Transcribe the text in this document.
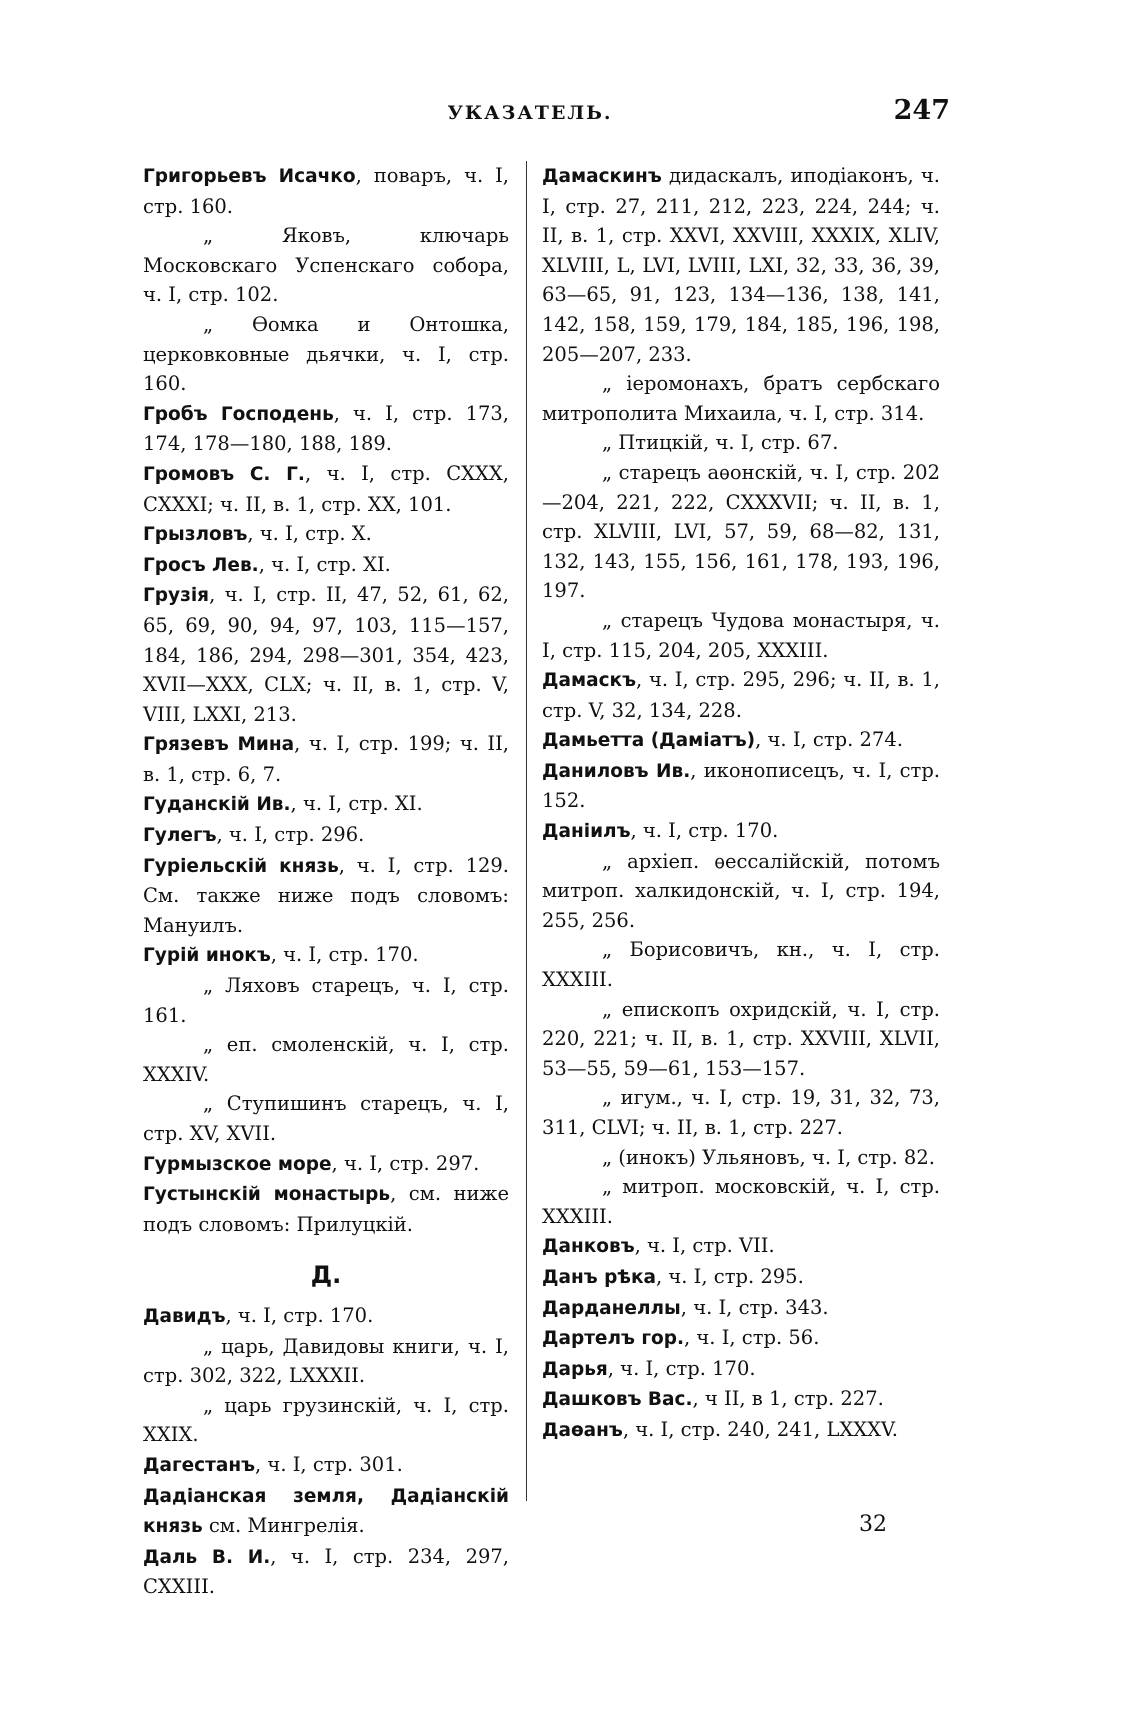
УКАЗАТЕЛЬ.	247

Григорьевъ Исачко, поваръ, ч. I, стр. 160.

„ Яковъ, ключарь Московскаго Успенскаго собора, ч. I, стр. 102.

„ Өомка и Онтошка, церковковные дьячки, ч. I, стр. 160.

Гробъ Господень, ч. I, стр. 173, 174, 178—180, 188, 189.

Громовъ С. Г., ч. I, стр. CXXX, CXXXI; ч. II, в. 1, стр. XX, 101.

Грызловъ, ч. I, стр. X.

Гросъ Лев., ч. I, стр. XI.

Грузія, ч. I, стр. II, 47, 52, 61, 62, 65, 69, 90, 94, 97, 103, 115—157, 184, 186, 294, 298—301, 354, 423, XVII—XXX, CLX; ч. II, в. 1, стр. V, VIII, LXXI, 213.

Грязевъ Мина, ч. I, стр. 199; ч. II, в. 1, стр. 6, 7.

Гуданскій Ив., ч. I, стр. XI.

Гулегъ, ч. I, стр. 296.

Гуріельскій князь, ч. I, стр. 129. См. также ниже подъ словомъ: Мануилъ.

Гурій инокъ, ч. I, стр. 170.

„ Ляховъ старецъ, ч. I, стр. 161.

„ еп. смоленскій, ч. I, стр. XXXIV.

„ Ступишинъ старецъ, ч. I, стр. XV, XVII.

Гурмызское море, ч. I, стр. 297.

Густынскій монастырь, см. ниже подъ словомъ: Прилуцкій.

Д.

Давидъ, ч. I, стр. 170.

„ царь, Давидовы книги, ч. I, стр. 302, 322, LXXXII.

„ царь грузинскій, ч. I, стр. XXIX.

Дагестанъ, ч. I, стр. 301.

Дадіанская земля, Дадіанскій князь см. Мингрелія.

Даль В. И., ч. I, стр. 234, 297, CXXIII.

Дамаскинъ дидаскалъ, иподіаконъ, ч. I, стр. 27, 211, 212, 223, 224, 244; ч. II, в. 1, стр. XXVI, XXVIII, XXXIX, XLIV, XLVIII, L, LVI, LVIII, LXI, 32, 33, 36, 39, 63—65, 91, 123, 134—136, 138, 141, 142, 158, 159, 179, 184, 185, 196, 198, 205—207, 233.

„ іеромонахъ, братъ сербскаго митрополита Михаила, ч. I, стр. 314.

„ Птицкій, ч. I, стр. 67.

„ старецъ аѳонскій, ч. I, стр. 202—204, 221, 222, CXXXVII; ч. II, в. 1, стр. XLVIII, LVI, 57, 59, 68—82, 131, 132, 143, 155, 156, 161, 178, 193, 196, 197.

„ старецъ Чудова монастыря, ч. I, стр. 115, 204, 205, XXXIII.

Дамаскъ, ч. I, стр. 295, 296; ч. II, в. 1, стр. V, 32, 134, 228.

Дамьетта (Даміатъ), ч. I, стр. 274.

Даниловъ Ив., иконописецъ, ч. I, стр. 152.

Даніилъ, ч. I, стр. 170.

„ архіеп. ѳессалійскій, потомъ митроп. халкидонскій, ч. I, стр. 194, 255, 256.

„ Борисовичъ, кн., ч. I, стр. XXXIII.

„ епископъ охридскій, ч. I, стр. 220, 221; ч. II, в. 1, стр. XXVIII, XLVII, 53—55, 59—61, 153—157.

„ игум., ч. I, стр. 19, 31, 32, 73, 311, CLVI; ч. II, в. 1, стр. 227.

„ (инокъ) Ульяновъ, ч. I, стр. 82.

„ митроп. московскій, ч. I, стр. XXXIII.

Данковъ, ч. I, стр. VII.

Данъ рѣка, ч. I, стр. 295.

Дарданеллы, ч. I, стр. 343.

Дартелъ гор., ч. I, стр. 56.

Дарья, ч. I, стр. 170.

Дашковъ Вас., ч II, в 1, стр. 227.

Даѳанъ, ч. I, стр. 240, 241, LXXXV.

32
